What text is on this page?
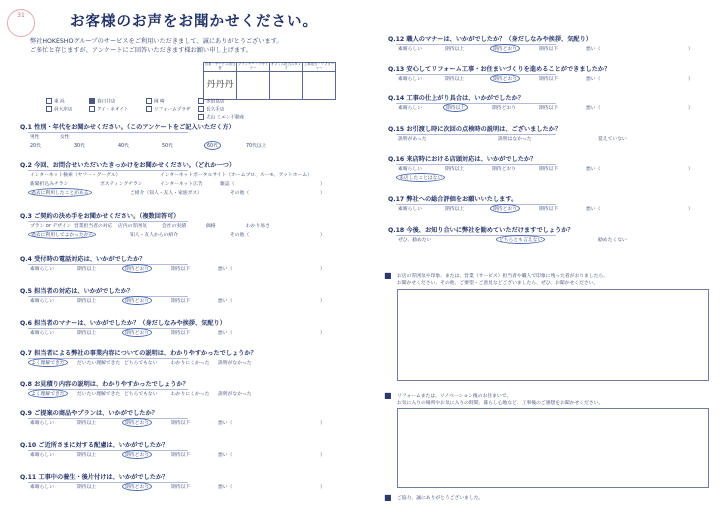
31	お客様のお声をお聞かせください。
弊社HOKESHOグループのサービスをご利用いただきまして、誠にありがとうございます。
ご多忙と存じますが、アンケートにご回答いただきます様お願い申し上げます。
営業・サービス担当者	プランナー・デザイナー	オフィス担当スタッフ	工事担当・リフォーマー
丹丹丹			
東 浜	春日井店	岡 崎	多治見店
員大岸店	アイ・ネオイト	リフォームプラザ	長久手店
犬山 ミエン不動産
Q.1 性別・年代をお聞かせください。（このアンケートをご記入いただく方）
男性	女性
20代	30代	40代	50代	60代	70代以上
Q.2 今回、お問合せいただいたきっかけをお聞かせください。（どれか一つ）
インターネット検索（ヤフー・グーグル）	インターネットポータルサイト（ホームプロ、スーモ、アットホーム）
新聞折込みチラシ	ポスティングチラシ	インターネット広告	雑誌（	）
過去に利用したことがある	ご紹介（知人・友人・家族ガス）	その他（	）
Q.3 ご契約の決め手をお聞かせください。（複数回答可）
プラン or デザイン 営業担当者の対応 店内の雰囲気	会社の実績	価格	わかり易さ
過去に利用してよかったから	知人・友人からの紹介	その他（	）
Q.4 受付時の電話対応は、いかがでしたか？
素晴らしい	期待以上	期待どおり	期待以下	悪い（	）
Q.5 担当者の対応は、いかがでしたか？
素晴らしい	期待以上	期待どおり	期待以下	悪い（	）
Q.6 担当者のマナーは、いかがでしたか？（身だしなみや挨拶、気配り）
素晴らしい	期待以上	期待どおり	期待以下	悪い（	）
Q.7 担当者による弊社の事業内容についての説明は、わかりやすかったでしょうか？
よく理解できた	だいたい理解できた どちらでもない	わかりにくかった 説明がなかった
Q.8 お見積り内容の説明は、わかりやすかったでしょうか？
よく理解できた	だいたい理解できた どちらでもない	わかりにくかった 説明がなかった
Q.9 ご提案の商品やプランは、いかがでしたか？
素晴らしい	期待以上	期待どおり	期待以下	悪い（	）
Q.10 ご近所さまに対する配慮は、いかがでしたか？
素晴らしい	期待以上	期待どおり	期待以下	悪い（	）
Q.11 工事中の養生・後片付けは、いかがでしたか？
素晴らしい	期待以上	期待どおり	期待以下	悪い（	）
Q.12 職人のマナーは、いかがでしたか？（身だしなみや挨拶、気配り）
素晴らしい	期待以上	期待どおり	期待以下	悪い（	）
Q.13 安心してリフォーム工事・お住まいづくりを進めることができましたか？
素晴らしい	期待以上	期待どおり	期待以下	悪い（	）
Q.14 工事の仕上がり具合は、いかがでしたか？
素晴らしい	期待以上	期待どおり	期待以下	悪い（	）
Q.15 お引渡し時に次回の点検時の説明は、ございましたか？
説明があった	説明はなかった	覚えていない
Q.16 来店時における店頭対応は、いかがでしたか？
素晴らしい	期待以上	期待どおり	期待以下	悪い（	）
来店したことはない
Q.17 弊社への総合評価をお願いいたします。
素晴らしい	期待以上	期待どおり	期待以下	悪い（	）
Q.18 今後、お知り合いに弊社を勧めていただけますでしょうか？
ぜひ、勧めたい	どちらとも言えない	勧めたくない
■ お店の雰囲気や印象、または、営業（サービス）担当者や職人で印象に残った者がおりましたら、
お聞かせください。その他、ご要望・ご意見などございましたら、ぜひ、お聞かせください。
■ リフォームまたは、リノベーション後のお住まいで、
お気に入りの場所やお気に入りの時間、暮らし心地など、工事後のご感想をお聞かせください。
■ ご協力、誠にありがとうございました。
